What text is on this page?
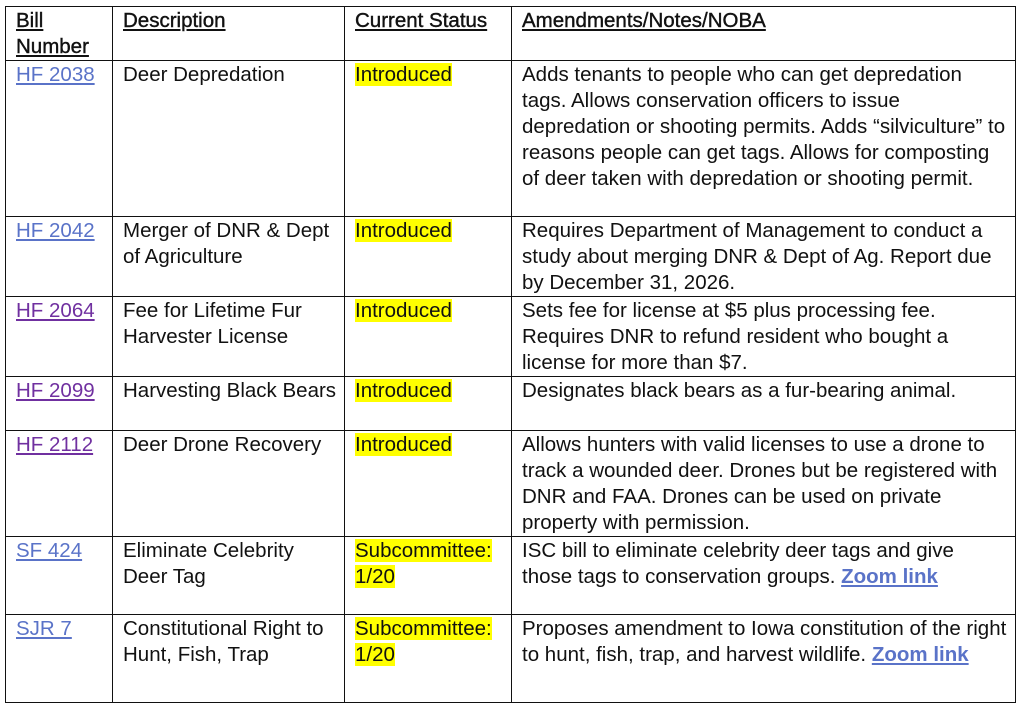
Bill Number	Description	Current Status	Amendments/Notes/NOBA
HF 2038	Deer Depredation	Introduced	Adds tenants to people who can get depredation tags. Allows conservation officers to issue depredation or shooting permits. Adds “silviculture” to reasons people can get tags. Allows for composting of deer taken with depredation or shooting permit.
HF 2042	Merger of DNR & Dept of Agriculture	Introduced	Requires Department of Management to conduct a study about merging DNR & Dept of Ag. Report due by December 31, 2026.
HF 2064	Fee for Lifetime Fur Harvester License	Introduced	Sets fee for license at $5 plus processing fee. Requires DNR to refund resident who bought a license for more than $7.
HF 2099	Harvesting Black Bears	Introduced	Designates black bears as a fur-bearing animal.
HF 2112	Deer Drone Recovery	Introduced	Allows hunters with valid licenses to use a drone to track a wounded deer. Drones but be registered with DNR and FAA. Drones can be used on private property with permission.
SF 424	Eliminate Celebrity Deer Tag	Subcommittee: 1/20	ISC bill to eliminate celebrity deer tags and give those tags to conservation groups. Zoom link
SJR 7	Constitutional Right to Hunt, Fish, Trap	Subcommittee: 1/20	Proposes amendment to Iowa constitution of the right to hunt, fish, trap, and harvest wildlife. Zoom link
